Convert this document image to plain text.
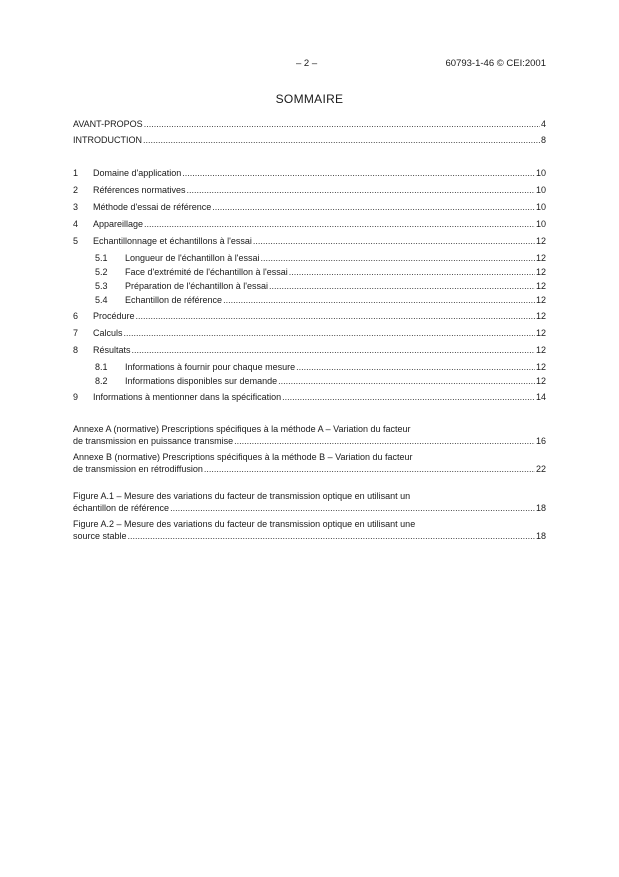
– 2 –	60793-1-46 © CEI:2001
SOMMAIRE
AVANT-PROPOS .....	4
INTRODUCTION .....	8
1	Domaine d'application .....	10
2	Références normatives .....	10
3	Méthode d'essai de référence .....	10
4	Appareillage .....	10
5	Echantillonnage et échantillons à l'essai .....	12
5.1	Longueur de l'échantillon à l'essai .....	12
5.2	Face d'extrémité de l'échantillon à l'essai .....	12
5.3	Préparation de l'échantillon à l'essai .....	12
5.4	Echantillon de référence .....	12
6	Procédure .....	12
7	Calculs .....	12
8	Résultats .....	12
8.1	Informations à fournir pour chaque mesure .....	12
8.2	Informations disponibles sur demande .....	12
9	Informations à mentionner dans la spécification .....	14
Annexe A (normative) Prescriptions spécifiques à la méthode A – Variation du facteur
de transmission en puissance transmise .....	16
Annexe B (normative) Prescriptions spécifiques à la méthode B – Variation du facteur
de transmission en rétrodiffusion .....	22
Figure A.1 – Mesure des variations du facteur de transmission optique en utilisant un
échantillon de référence .....	18
Figure A.2 – Mesure des variations du facteur de transmission optique en utilisant une
source stable .....	18
